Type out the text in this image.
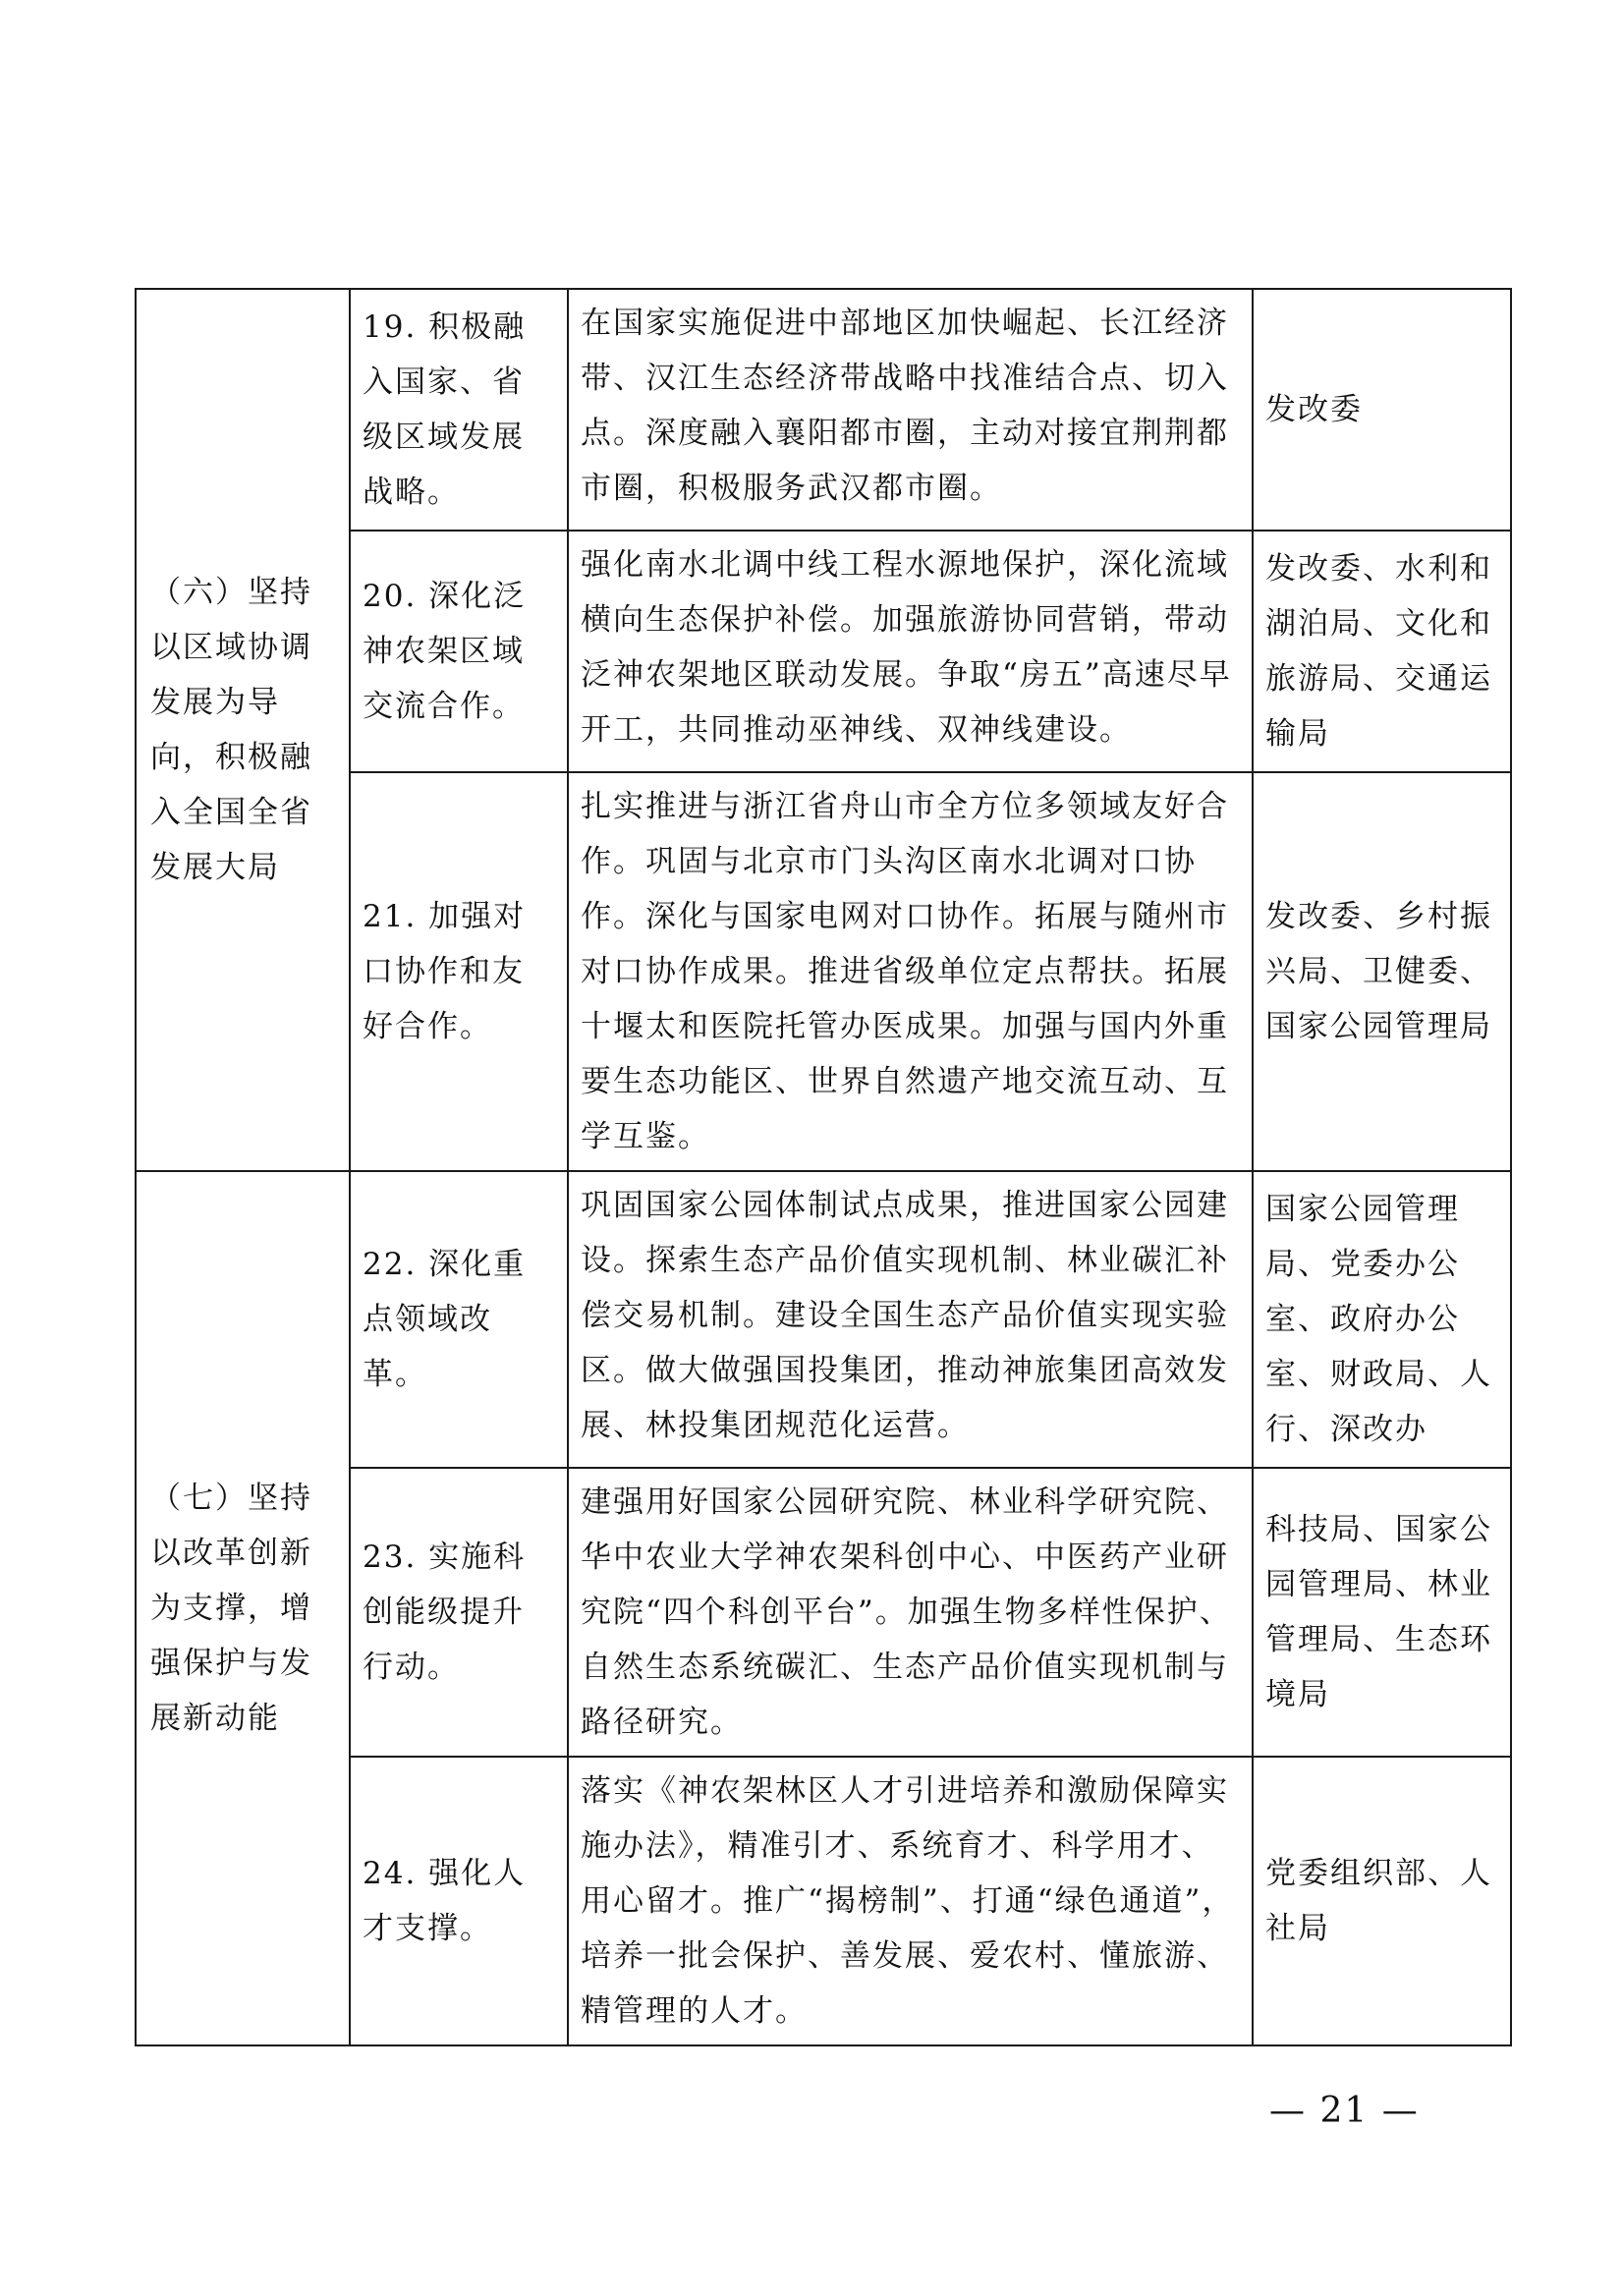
（六）坚持以区域协调发展为导向，积极融入全国全省发展大局	19. 积极融入国家、省级区域发展战略。	在国家实施促进中部地区加快崛起、长江经济带、汉江生态经济带战略中找准结合点、切入点。深度融入襄阳都市圈，主动对接宜荆荆都市圈，积极服务武汉都市圈。	发改委
	20. 深化泛神农架区域交流合作。	强化南水北调中线工程水源地保护，深化流域横向生态保护补偿。加强旅游协同营销，带动泛神农架地区联动发展。争取“房五”高速尽早开工，共同推动巫神线、双神线建设。	发改委、水利和湖泊局、文化和旅游局、交通运输局
	21. 加强对口协作和友好合作。	扎实推进与浙江省舟山市全方位多领域友好合作。巩固与北京市门头沟区南水北调对口协作。深化与国家电网对口协作。拓展与随州市对口协作成果。推进省级单位定点帮扶。拓展十堰太和医院托管办医成果。加强与国内外重要生态功能区、世界自然遗产地交流互动、互学互鉴。	发改委、乡村振兴局、卫健委、国家公园管理局
（七）坚持以改革创新为支撑，增强保护与发展新动能	22. 深化重点领域改革。	巩固国家公园体制试点成果，推进国家公园建设。探索生态产品价值实现机制、林业碳汇补偿交易机制。建设全国生态产品价值实现实验区。做大做强国投集团，推动神旅集团高效发展、林投集团规范化运营。	国家公园管理局、党委办公室、政府办公室、财政局、人行、深改办
	23. 实施科创能级提升行动。	建强用好国家公园研究院、林业科学研究院、华中农业大学神农架科创中心、中医药产业研究院“四个科创平台”。加强生物多样性保护、自然生态系统碳汇、生态产品价值实现机制与路径研究。	科技局、国家公园管理局、林业管理局、生态环境局
	24. 强化人才支撑。	落实《神农架林区人才引进培养和激励保障实施办法》，精准引才、系统育才、科学用才、用心留才。推广“揭榜制”、打通“绿色通道”，培养一批会保护、善发展、爱农村、懂旅游、精管理的人才。	党委组织部、人社局
— 21 —
